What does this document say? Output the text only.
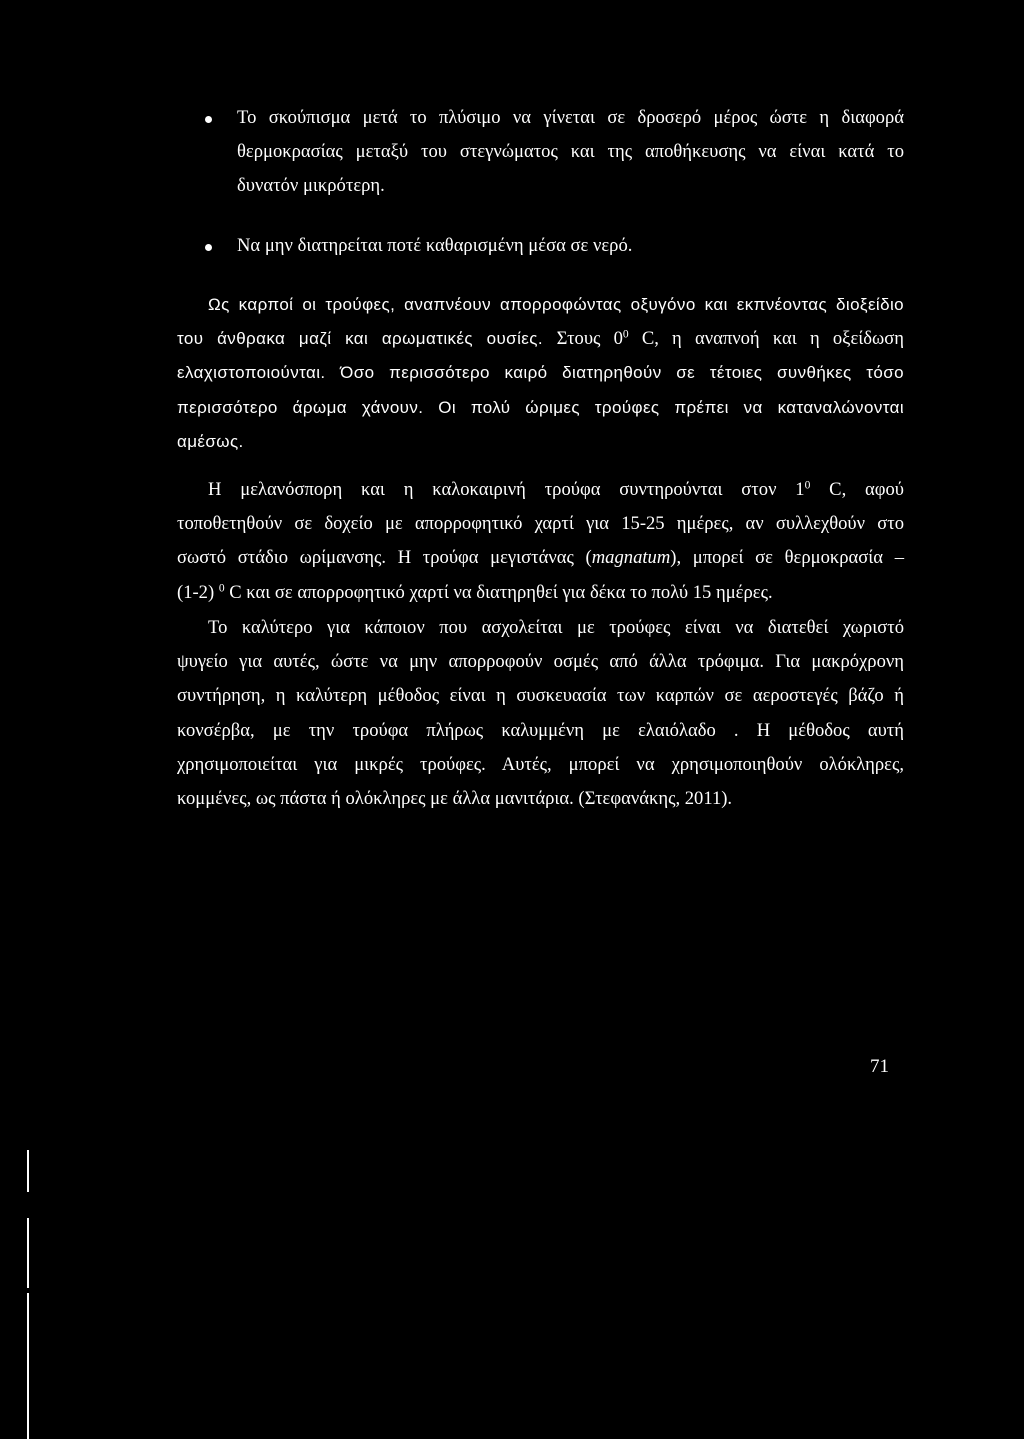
Το σκούπισμα μετά το πλύσιμο να γίνεται σε δροσερό μέρος ώστε η διαφορά
θερμοκρασίας μεταξύ του στεγνώματος και της αποθήκευσης να είναι κατά το
δυνατόν μικρότερη.

Να μην διατηρείται ποτέ καθαρισμένη μέσα σε νερό.

Ως καρποί οι τρούφες, αναπνέουν απορροφώντας οξυγόνο και εκπνέοντας διοξείδιο
του άνθρακα μαζί και αρωματικές ουσίες. Στους $0^0$ C, η αναπνοή και η οξείδωση
ελαχιστοποιούνται. Όσο περισσότερο καιρό διατηρηθούν σε τέτοιες συνθήκες τόσο
περισσότερο άρωμα χάνουν. Οι πολύ ώριμες τρούφες πρέπει να καταναλώνονται
αμέσως.

Η μελανόσπορη και η καλοκαιρινή τρούφα συντηρούνται στον $1^0$ C, αφού
τοποθετηθούν σε δοχείο με απορροφητικό χαρτί για 15-25 ημέρες, αν συλλεχθούν στο
σωστό στάδιο ωρίμανσης. Η τρούφα μεγιστάνας (magnatum), μπορεί σε θερμοκρασία –
(1-2) $^0$ C και σε απορροφητικό χαρτί να διατηρηθεί για δέκα το πολύ 15 ημέρες.

Το καλύτερο για κάποιον που ασχολείται με τρούφες είναι να διατεθεί χωριστό
ψυγείο για αυτές, ώστε να μην απορροφούν οσμές από άλλα τρόφιμα. Για μακρόχρονη
συντήρηση, η καλύτερη μέθοδος είναι η συσκευασία των καρπών σε αεροστεγές βάζο ή
κονσέρβα, με την τρούφα πλήρως καλυμμένη με ελαιόλαδο . Η μέθοδος αυτή
χρησιμοποιείται για μικρές τρούφες. Αυτές, μπορεί να χρησιμοποιηθούν ολόκληρες,
κομμένες, ως πάστα ή ολόκληρες με άλλα μανιτάρια. (Στεφανάκης, 2011).

71
